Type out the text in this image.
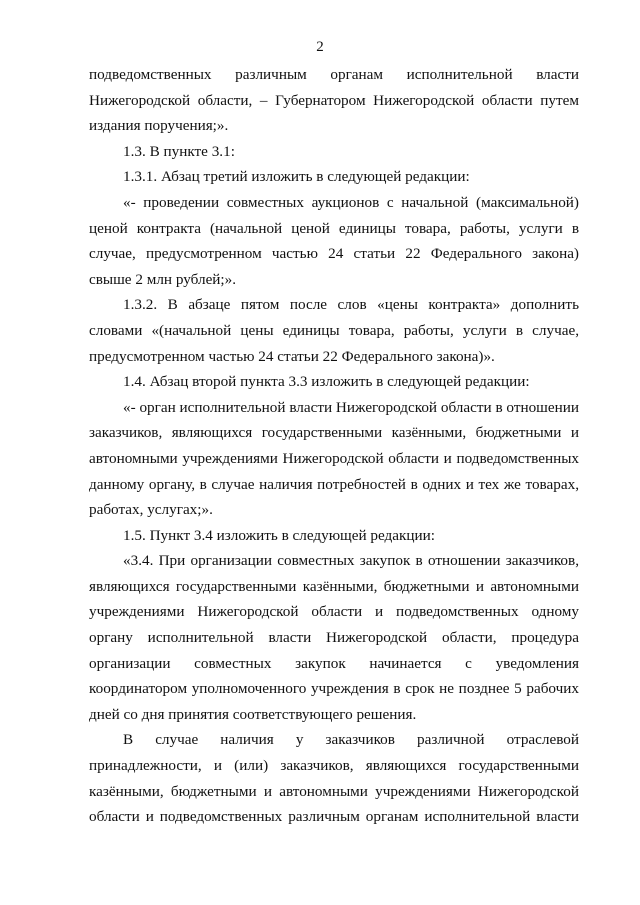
2

подведомственных различным органам исполнительной власти Нижегородской области, – Губернатором Нижегородской области путем издания поручения;».

1.3. В пункте 3.1:

1.3.1. Абзац третий изложить в следующей редакции:

«- проведении совместных аукционов с начальной (максимальной) ценой контракта (начальной ценой единицы товара, работы, услуги в случае, предусмотренном частью 24 статьи 22 Федерального закона) свыше 2 млн рублей;».

1.3.2. В абзаце пятом после слов «цены контракта» дополнить словами «(начальной цены единицы товара, работы, услуги в случае, предусмотренном частью 24 статьи 22 Федерального закона)».

1.4. Абзац второй пункта 3.3 изложить в следующей редакции:

«- орган исполнительной власти Нижегородской области в отношении заказчиков, являющихся государственными казёнными, бюджетными и автономными учреждениями Нижегородской области и подведомственных данному органу, в случае наличия потребностей в одних и тех же товарах, работах, услугах;».

1.5. Пункт 3.4 изложить в следующей редакции:

«3.4. При организации совместных закупок в отношении заказчиков, являющихся государственными казёнными, бюджетными и автономными учреждениями Нижегородской области и подведомственных одному органу исполнительной власти Нижегородской области, процедура организации совместных закупок начинается с уведомления координатором уполномоченного учреждения в срок не позднее 5 рабочих дней со дня принятия соответствующего решения.

В случае наличия у заказчиков различной отраслевой принадлежности, и (или) заказчиков, являющихся государственными казёнными, бюджетными и автономными учреждениями Нижегородской области и подведомственных различным органам исполнительной власти
